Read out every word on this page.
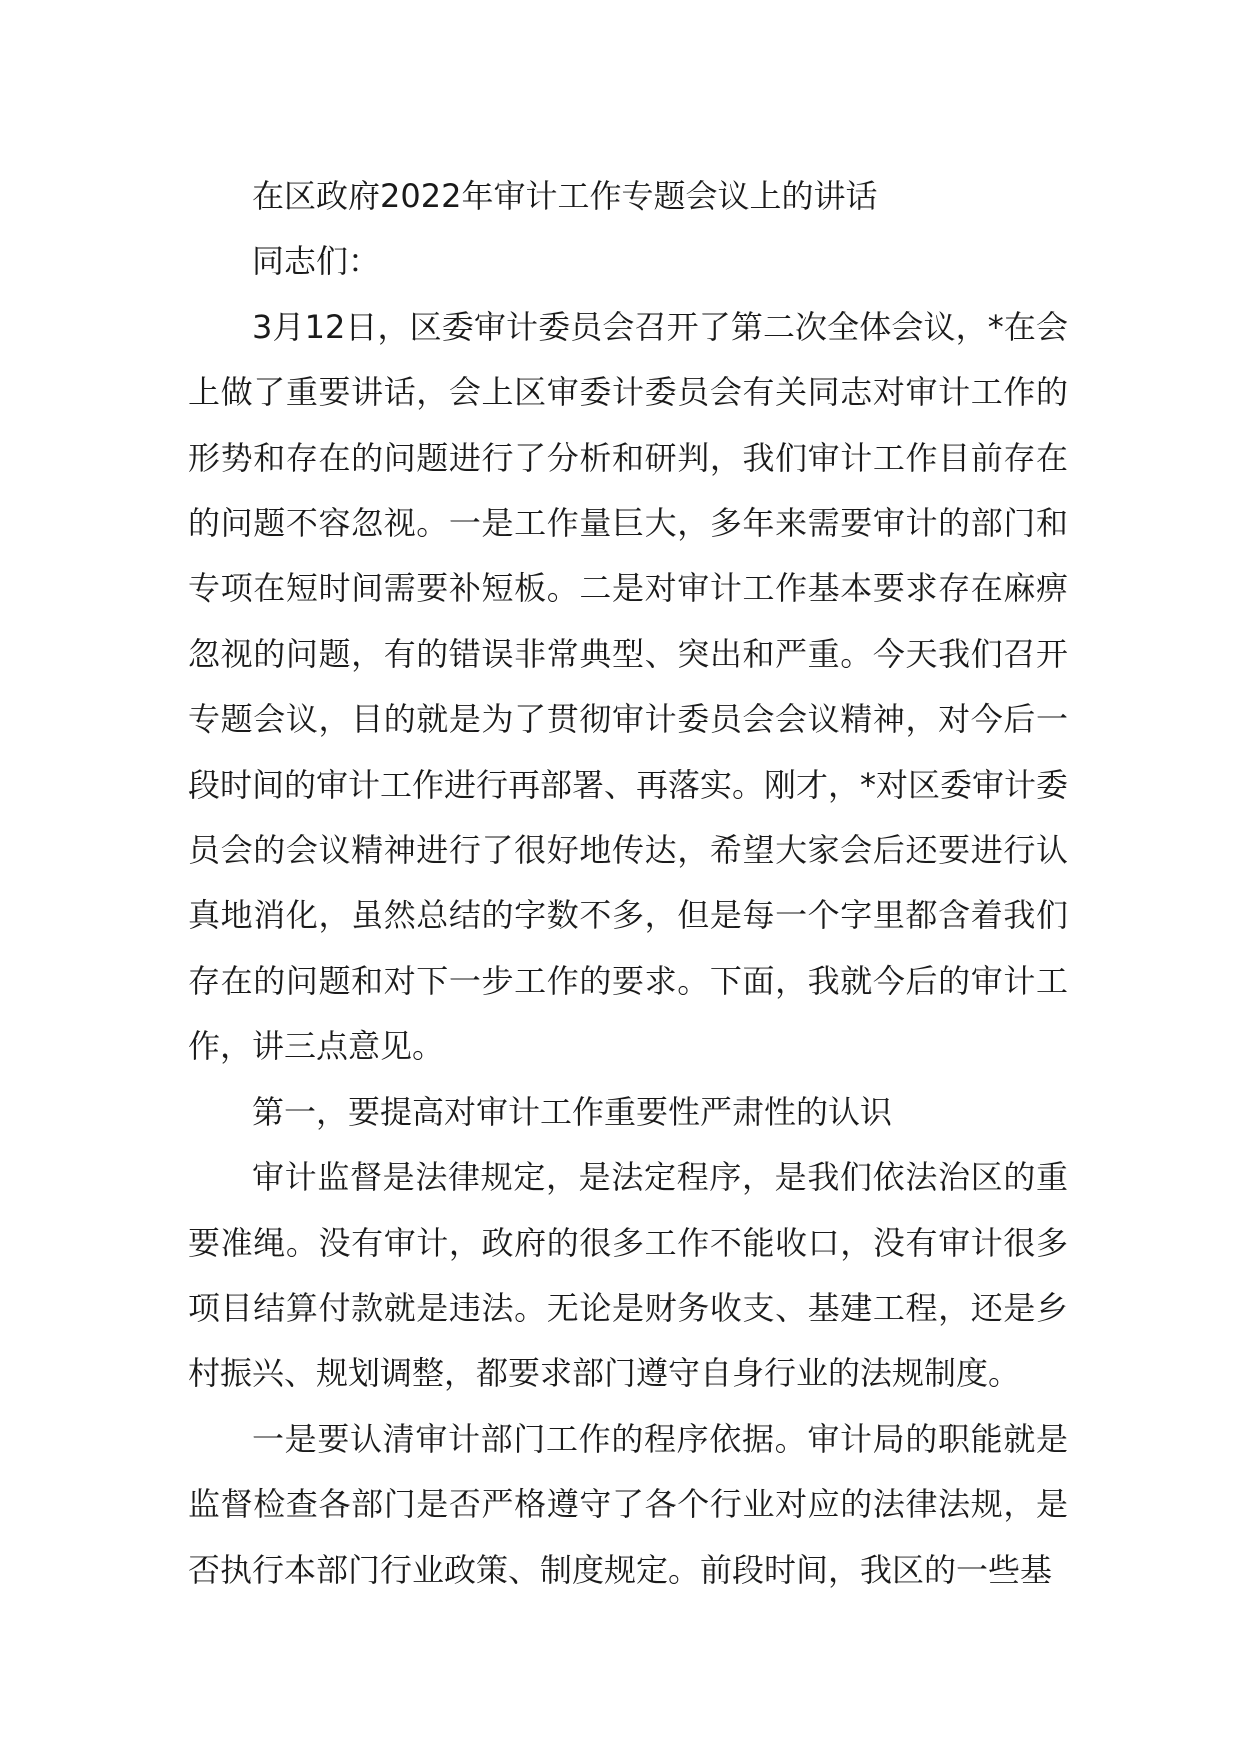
在区政府2022年审计工作专题会议上的讲话

同志们：

3月12日，区委审计委员会召开了第二次全体会议，*在会上做了重要讲话，会上区审委计委员会有关同志对审计工作的形势和存在的问题进行了分析和研判，我们审计工作目前存在的问题不容忽视。一是工作量巨大，多年来需要审计的部门和专项在短时间需要补短板。二是对审计工作基本要求存在麻痹忽视的问题，有的错误非常典型、突出和严重。今天我们召开专题会议，目的就是为了贯彻审计委员会会议精神，对今后一段时间的审计工作进行再部署、再落实。刚才，*对区委审计委员会的会议精神进行了很好地传达，希望大家会后还要进行认真地消化，虽然总结的字数不多，但是每一个字里都含着我们存在的问题和对下一步工作的要求。下面，我就今后的审计工作，讲三点意见。

第一，要提高对审计工作重要性严肃性的认识

审计监督是法律规定，是法定程序，是我们依法治区的重要准绳。没有审计，政府的很多工作不能收口，没有审计很多项目结算付款就是违法。无论是财务收支、基建工程，还是乡村振兴、规划调整，都要求部门遵守自身行业的法规制度。

一是要认清审计部门工作的程序依据。审计局的职能就是监督检查各部门是否严格遵守了各个行业对应的法律法规，是否执行本部门行业政策、制度规定。前段时间，我区的一些基
